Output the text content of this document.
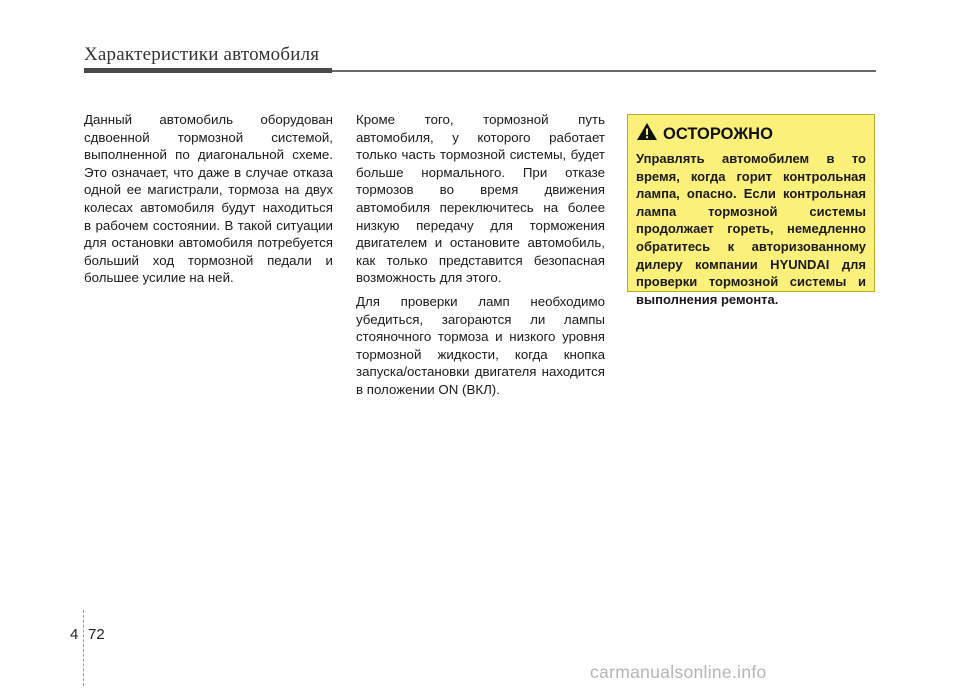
Характеристики автомобиля

Данный автомобиль оборудован сдвоенной тормозной системой, выполненной по диагональной схеме. Это означает, что даже в случае отказа одной ее магистрали, тормоза на двух колесах автомобиля будут находиться в рабочем состоянии. В такой ситуации для остановки автомобиля потребуется больший ход тормозной педали и большее усилие на ней.

Кроме того, тормозной путь автомобиля, у которого работает только часть тормозной системы, будет больше нормального. При отказе тормозов во время движения автомобиля переключитесь на более низкую передачу для торможения двигателем и остановите автомобиль, как только представится безопасная возможность для этого.

Для проверки ламп необходимо убедиться, загораются ли лампы стояночного тормоза и низкого уровня тормозной жидкости, когда кнопка запуска/остановки двигателя находится в положении ON (ВКЛ).

ОСТОРОЖНО

Управлять автомобилем в то время, когда горит контрольная лампа, опасно. Если контрольная лампа тормозной системы продолжает гореть, немедленно обратитесь к авторизованному дилеру компании HYUNDAI для проверки тормозной системы и выполнения ремонта.

4 72
carmanualsonline.info
